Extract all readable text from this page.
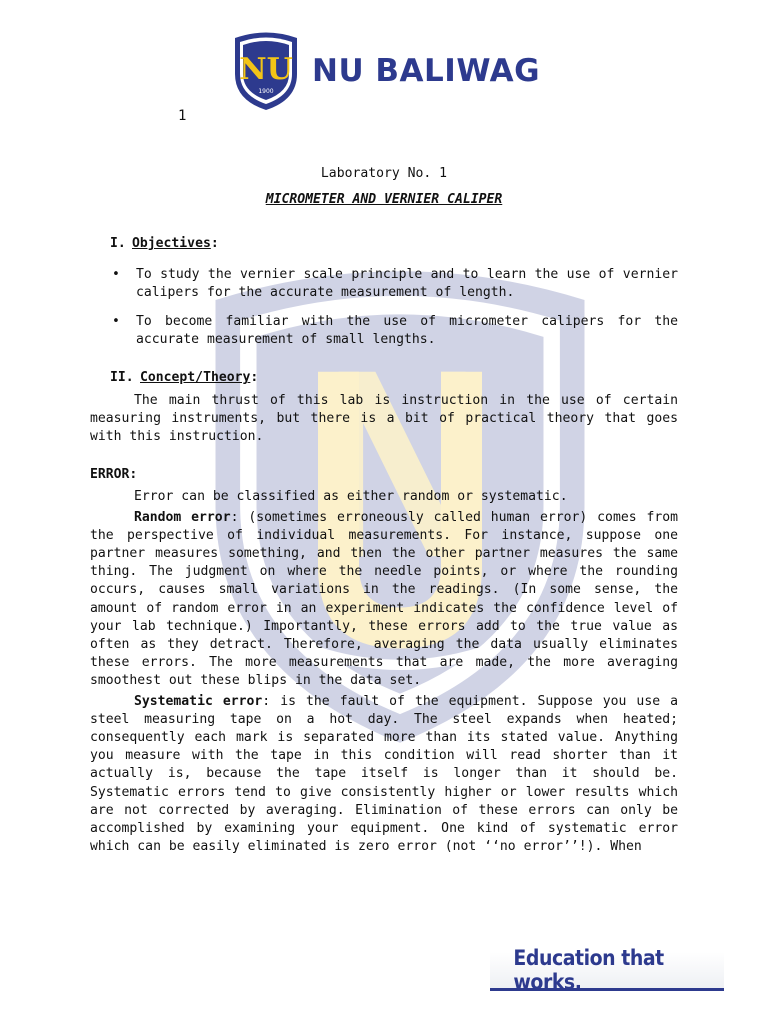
NU
1900
NU BALIWAG
1
Laboratory No. 1
MICROMETER AND VERNIER CALIPER
I. Objectives:
• To study the vernier scale principle and to learn the use of vernier calipers for the accurate measurement of length.
• To become familiar with the use of micrometer calipers for the accurate measurement of small lengths.
II. Concept/Theory:

The main thrust of this lab is instruction in the use of certain measuring instruments, but there is a bit of practical theory that goes with this instruction.

ERROR:

Error can be classified as either random or systematic.

Random error: (sometimes erroneously called human error) comes from the perspective of individual measurements. For instance, suppose one partner measures something, and then the other partner measures the same thing. The judgment on where the needle points, or where the rounding occurs, causes small variations in the readings. (In some sense, the amount of random error in an experiment indicates the confidence level of your lab technique.) Importantly, these errors add to the true value as often as they detract. Therefore, averaging the data usually eliminates these errors. The more measurements that are made, the more averaging smoothest out these blips in the data set.

Systematic error: is the fault of the equipment. Suppose you use a steel measuring tape on a hot day. The steel expands when heated; consequently each mark is separated more than its stated value. Anything you measure with the tape in this condition will read shorter than it actually is, because the tape itself is longer than it should be. Systematic errors tend to give consistently higher or lower results which are not corrected by averaging. Elimination of these errors can only be accomplished by examining your equipment. One kind of systematic error which can be easily eliminated is zero error (not ‘‘no error’’!). When

Education that works.
